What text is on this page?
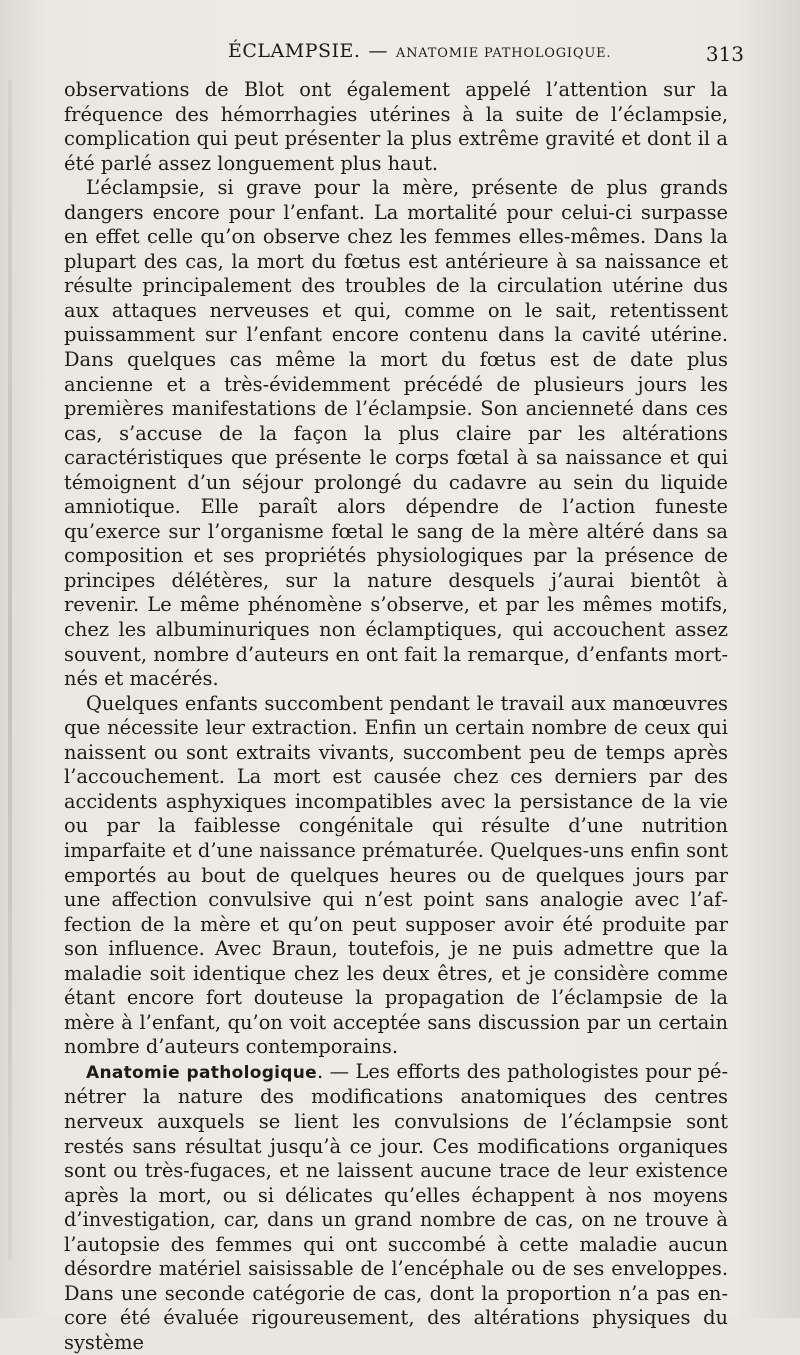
ÉCLAMPSIE. — ANATOMIE PATHOLOGIQUE.	313

observations de Blot ont également appelé l’attention sur la fréquence des hémorrhagies utérines à la suite de l’éclampsie, complication qui peut présenter la plus extrême gravité et dont il a été parlé assez longuement plus haut.

L’éclampsie, si grave pour la mère, présente de plus grands dangers encore pour l’enfant. La mortalité pour celui-ci surpasse en effet celle qu’on observe chez les femmes elles-mêmes. Dans la plupart des cas, la mort du fœtus est antérieure à sa naissance et résulte principalement des troubles de la circulation utérine dus aux attaques nerveuses et qui, comme on le sait, retentissent puissamment sur l’enfant encore contenu dans la cavité utérine. Dans quelques cas même la mort du fœtus est de date plus ancienne et a très-évidemment précédé de plusieurs jours les premières manifestations de l’éclampsie. Son ancienneté dans ces cas, s’accuse de la façon la plus claire par les altérations caractéristiques que présente le corps fœtal à sa naissance et qui témoignent d’un séjour prolongé du cadavre au sein du liquide amniotique. Elle paraît alors dépendre de l’action funeste qu’exerce sur l’organisme fœtal le sang de la mère altéré dans sa composition et ses propriétés physiologiques par la présence de principes délétères, sur la nature desquels j’aurai bientôt à revenir. Le même phénomène s’observe, et par les mêmes motifs, chez les albuminuriques non éclamptiques, qui accouchent assez souvent, nombre d’auteurs en ont fait la remarque, d’enfants mort-nés et macérés.

Quelques enfants succombent pendant le travail aux manœuvres que nécessite leur extraction. Enfin un certain nombre de ceux qui naissent ou sont extraits vivants, succombent peu de temps après l’accouchement. La mort est causée chez ces derniers par des accidents asphyxiques incompatibles avec la persistance de la vie ou par la faiblesse congénitale qui résulte d’une nutrition imparfaite et d’une naissance prématurée. Quelques-uns enfin sont emportés au bout de quelques heures ou de quelques jours par une affection convulsive qui n’est point sans analogie avec l’affection de la mère et qu’on peut supposer avoir été produite par son influence. Avec Braun, toutefois, je ne puis admettre que la maladie soit identique chez les deux êtres, et je considère comme étant encore fort douteuse la propagation de l’éclampsie de la mère à l’enfant, qu’on voit acceptée sans discussion par un certain nombre d’auteurs contemporains.

Anatomie pathologique. — Les efforts des pathologistes pour pénétrer la nature des modifications anatomiques des centres nerveux auxquels se lient les convulsions de l’éclampsie sont restés sans résultat jusqu’à ce jour. Ces modifications organiques sont ou très-fugaces, et ne laissent aucune trace de leur existence après la mort, ou si délicates qu’elles échappent à nos moyens d’investigation, car, dans un grand nombre de cas, on ne trouve à l’autopsie des femmes qui ont succombé à cette maladie aucun désordre matériel saisissable de l’encéphale ou de ses enveloppes. Dans une seconde catégorie de cas, dont la proportion n’a pas encore été évaluée rigoureusement, des altérations physiques du système
